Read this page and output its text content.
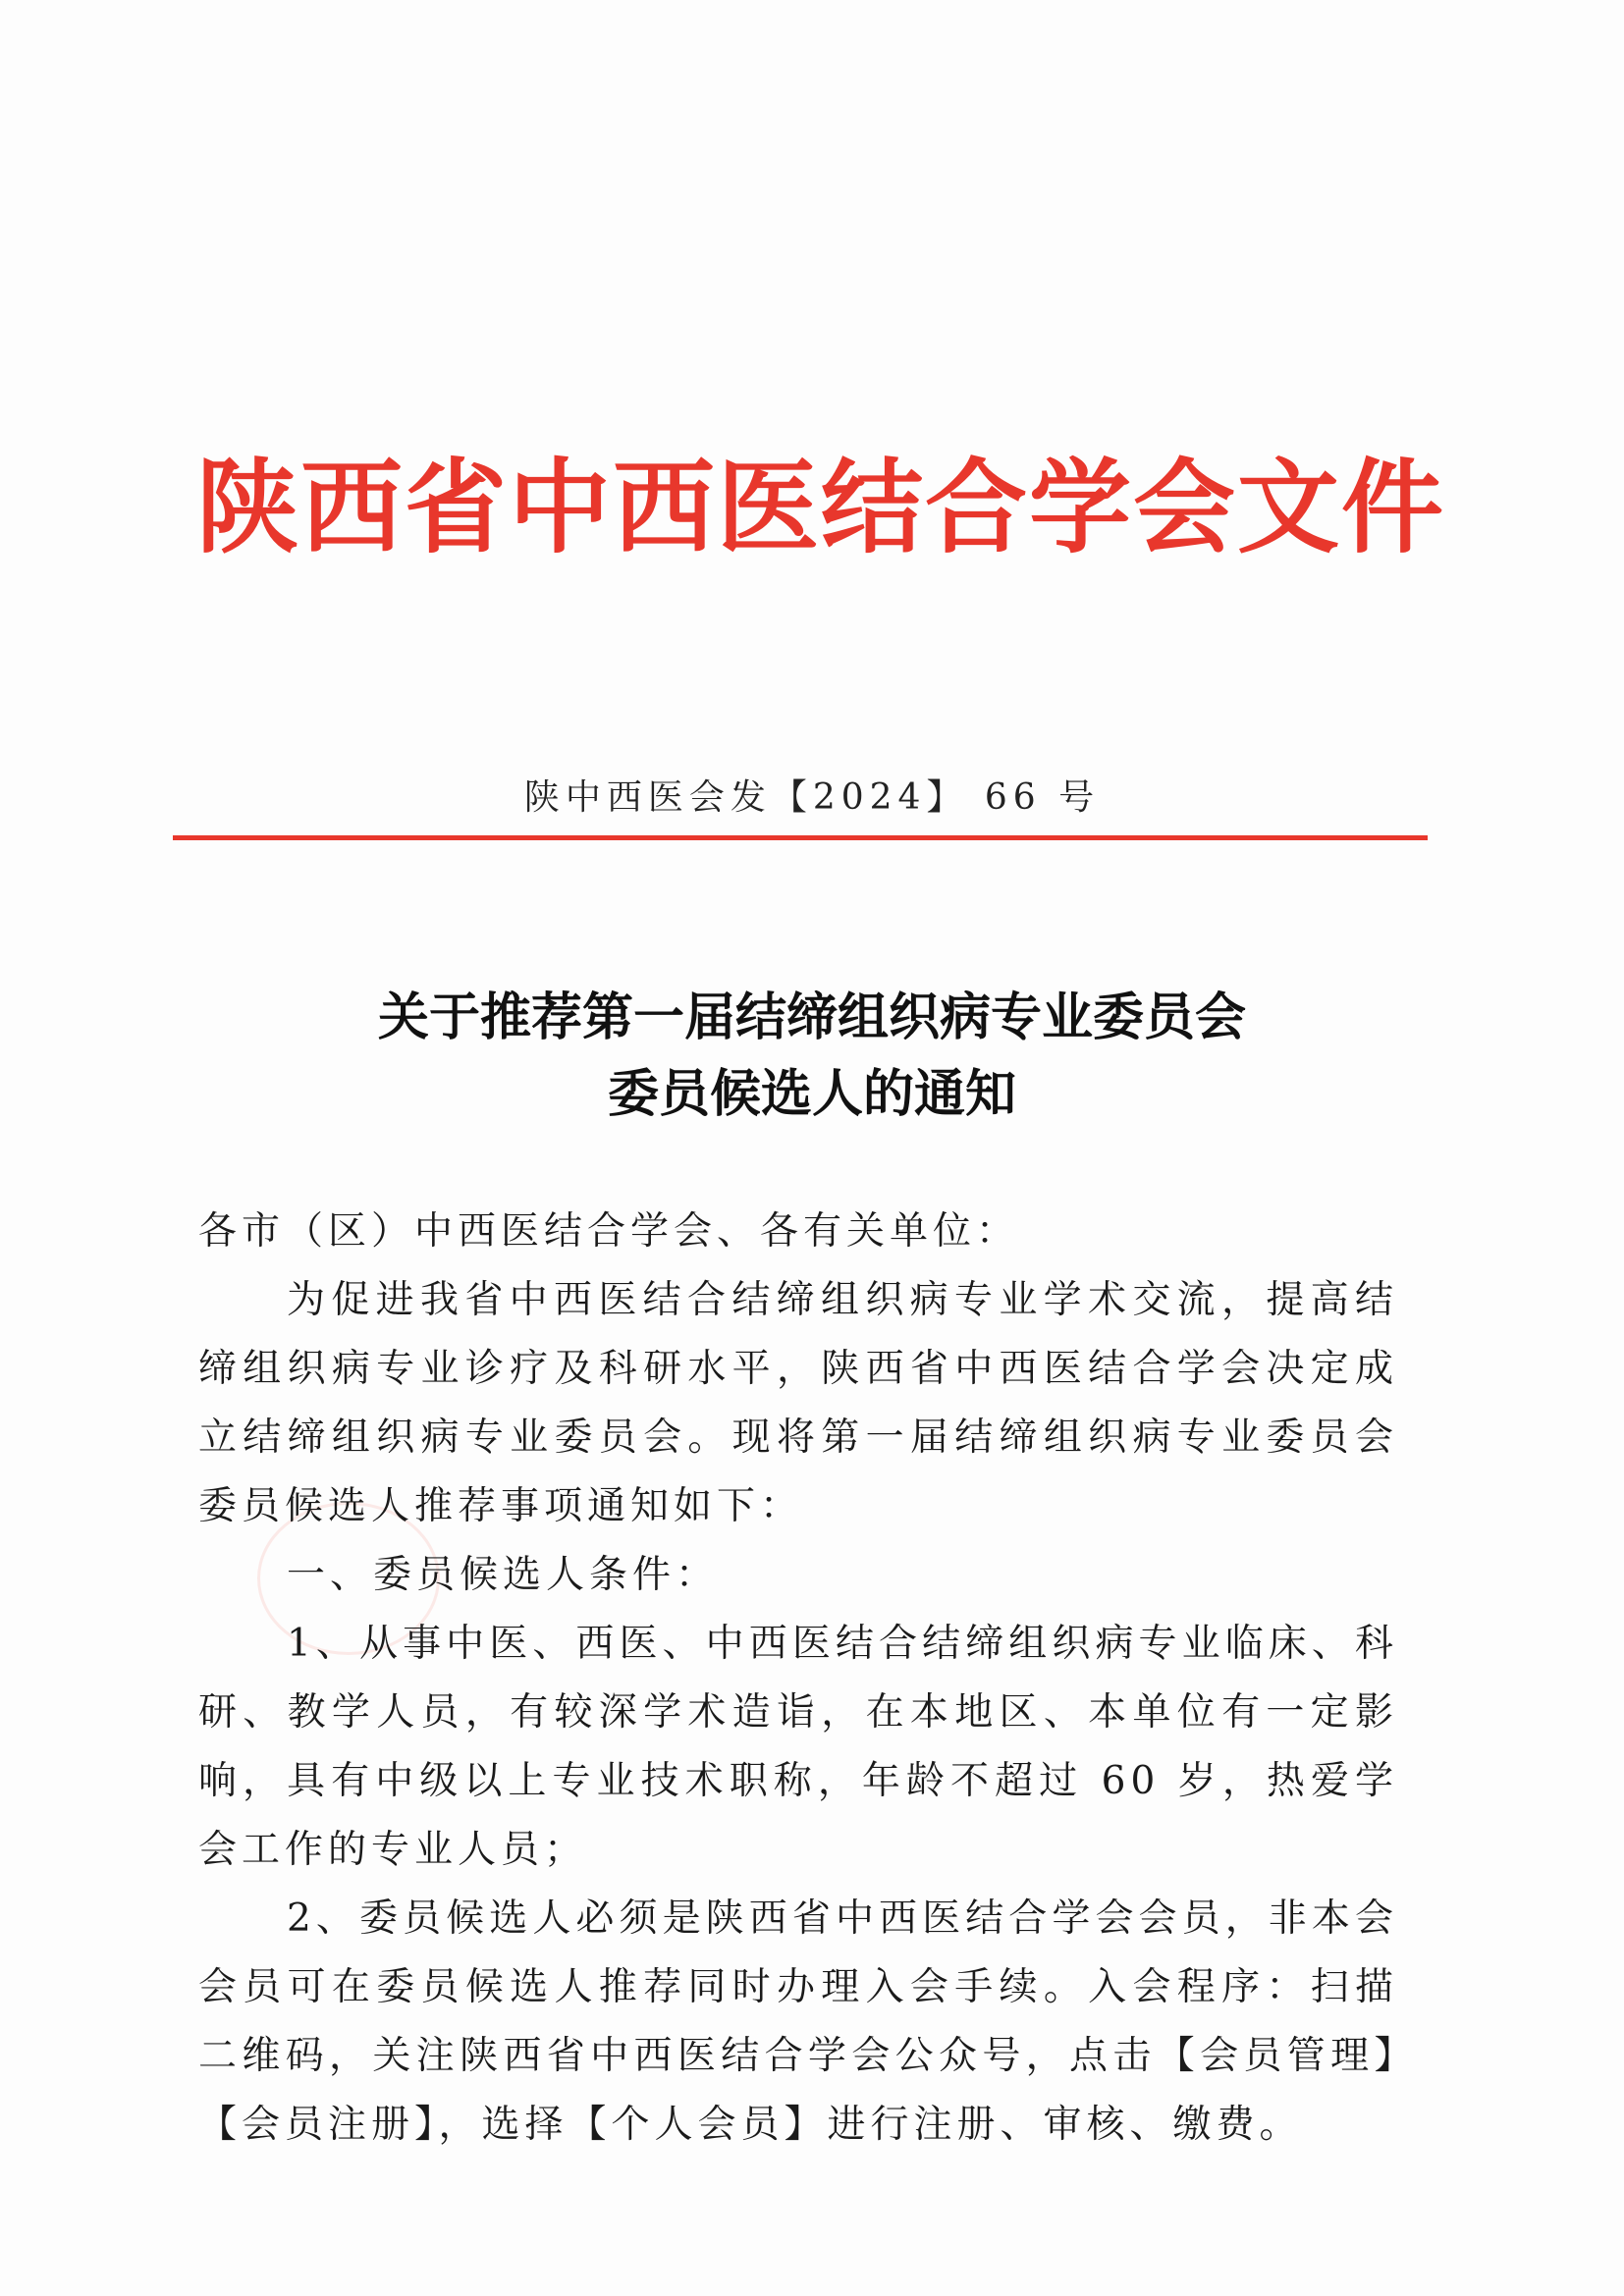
陕西省中西医结合学会文件
陕中西医会发【2024】 66 号
关于推荐第一届结缔组织病专业委员会
委员候选人的通知

各市（区）中西医结合学会、各有关单位：

为促进我省中西医结合结缔组织病专业学术交流，提高结缔组织病专业诊疗及科研水平，陕西省中西医结合学会决定成立结缔组织病专业委员会。现将第一届结缔组织病专业委员会委员候选人推荐事项通知如下：

一、委员候选人条件：

1、从事中医、西医、中西医结合结缔组织病专业临床、科研、教学人员，有较深学术造诣，在本地区、本单位有一定影响，具有中级以上专业技术职称，年龄不超过 60 岁，热爱学会工作的专业人员；

2、委员候选人必须是陕西省中西医结合学会会员，非本会会员可在委员候选人推荐同时办理入会手续。入会程序：扫描二维码，关注陕西省中西医结合学会公众号，点击【会员管理】【会员注册】，选择【个人会员】进行注册、审核、缴费。
